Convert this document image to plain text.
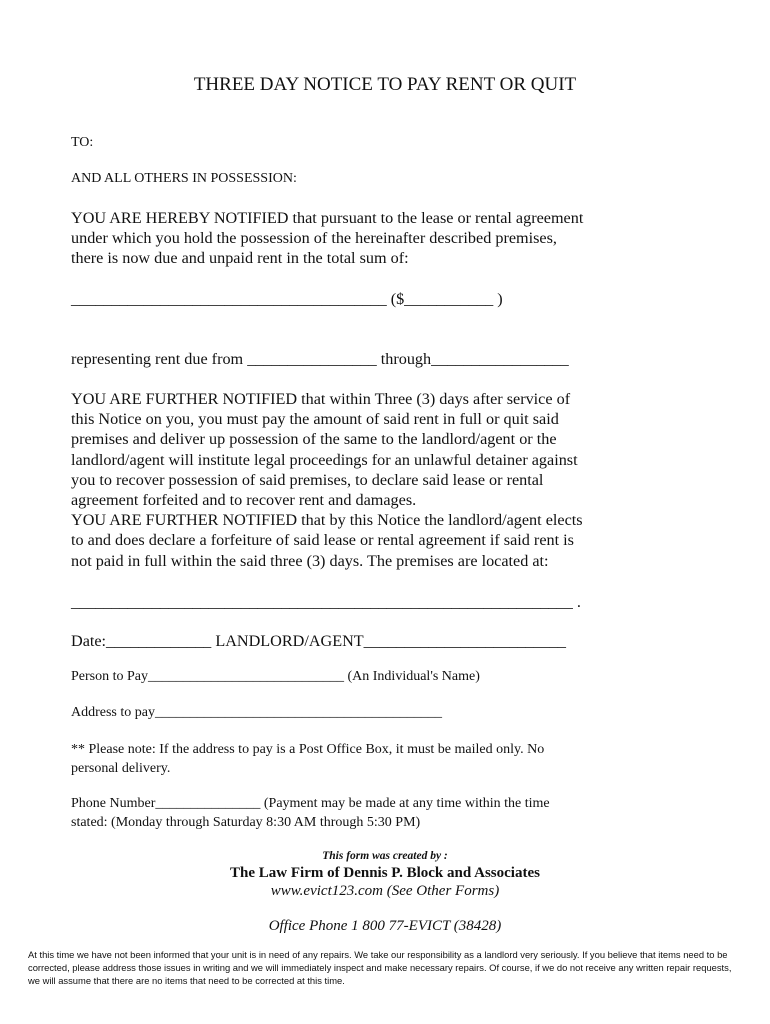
THREE DAY NOTICE TO PAY RENT OR QUIT
TO:
AND ALL OTHERS IN POSSESSION:
YOU ARE HEREBY NOTIFIED that pursuant to the lease or rental agreement
under which you hold the possession of the hereinafter described premises,
there is now due and unpaid rent in the total sum of:
_______________________________________ ($___________ )
representing rent due from ________________ through_________________
YOU ARE FURTHER NOTIFIED that within Three (3) days after service of
this Notice on you, you must pay the amount of said rent in full or quit said
premises and deliver up possession of the same to the landlord/agent or the
landlord/agent will institute legal proceedings for an unlawful detainer against
you to recover possession of said premises, to declare said lease or rental
agreement forfeited and to recover rent and damages.
YOU ARE FURTHER NOTIFIED that by this Notice the landlord/agent elects
to and does declare a forfeiture of said lease or rental agreement if said rent is
not paid in full within the said three (3) days. The premises are located at:
______________________________________________________________ .
Date:_____________ LANDLORD/AGENT_________________________
Person to Pay____________________________ (An Individual's Name)
Address to pay_________________________________________
** Please note: If the address to pay is a Post Office Box, it must be mailed only. No
personal delivery.
Phone Number_______________ (Payment may be made at any time within the time
stated: (Monday through Saturday 8:30 AM through 5:30 PM)
This form was created by :
The Law Firm of Dennis P. Block and Associates
www.evict123.com (See Other Forms)
Office Phone 1 800 77-EVICT (38428)
At this time we have not been informed that your unit is in need of any repairs. We take our responsibility as a landlord very seriously. If you believe that items need to be corrected, please address those issues in writing and we will immediately inspect and make necessary repairs. Of course, if we do not receive any written repair requests, we will assume that there are no items that need to be corrected at this time.
